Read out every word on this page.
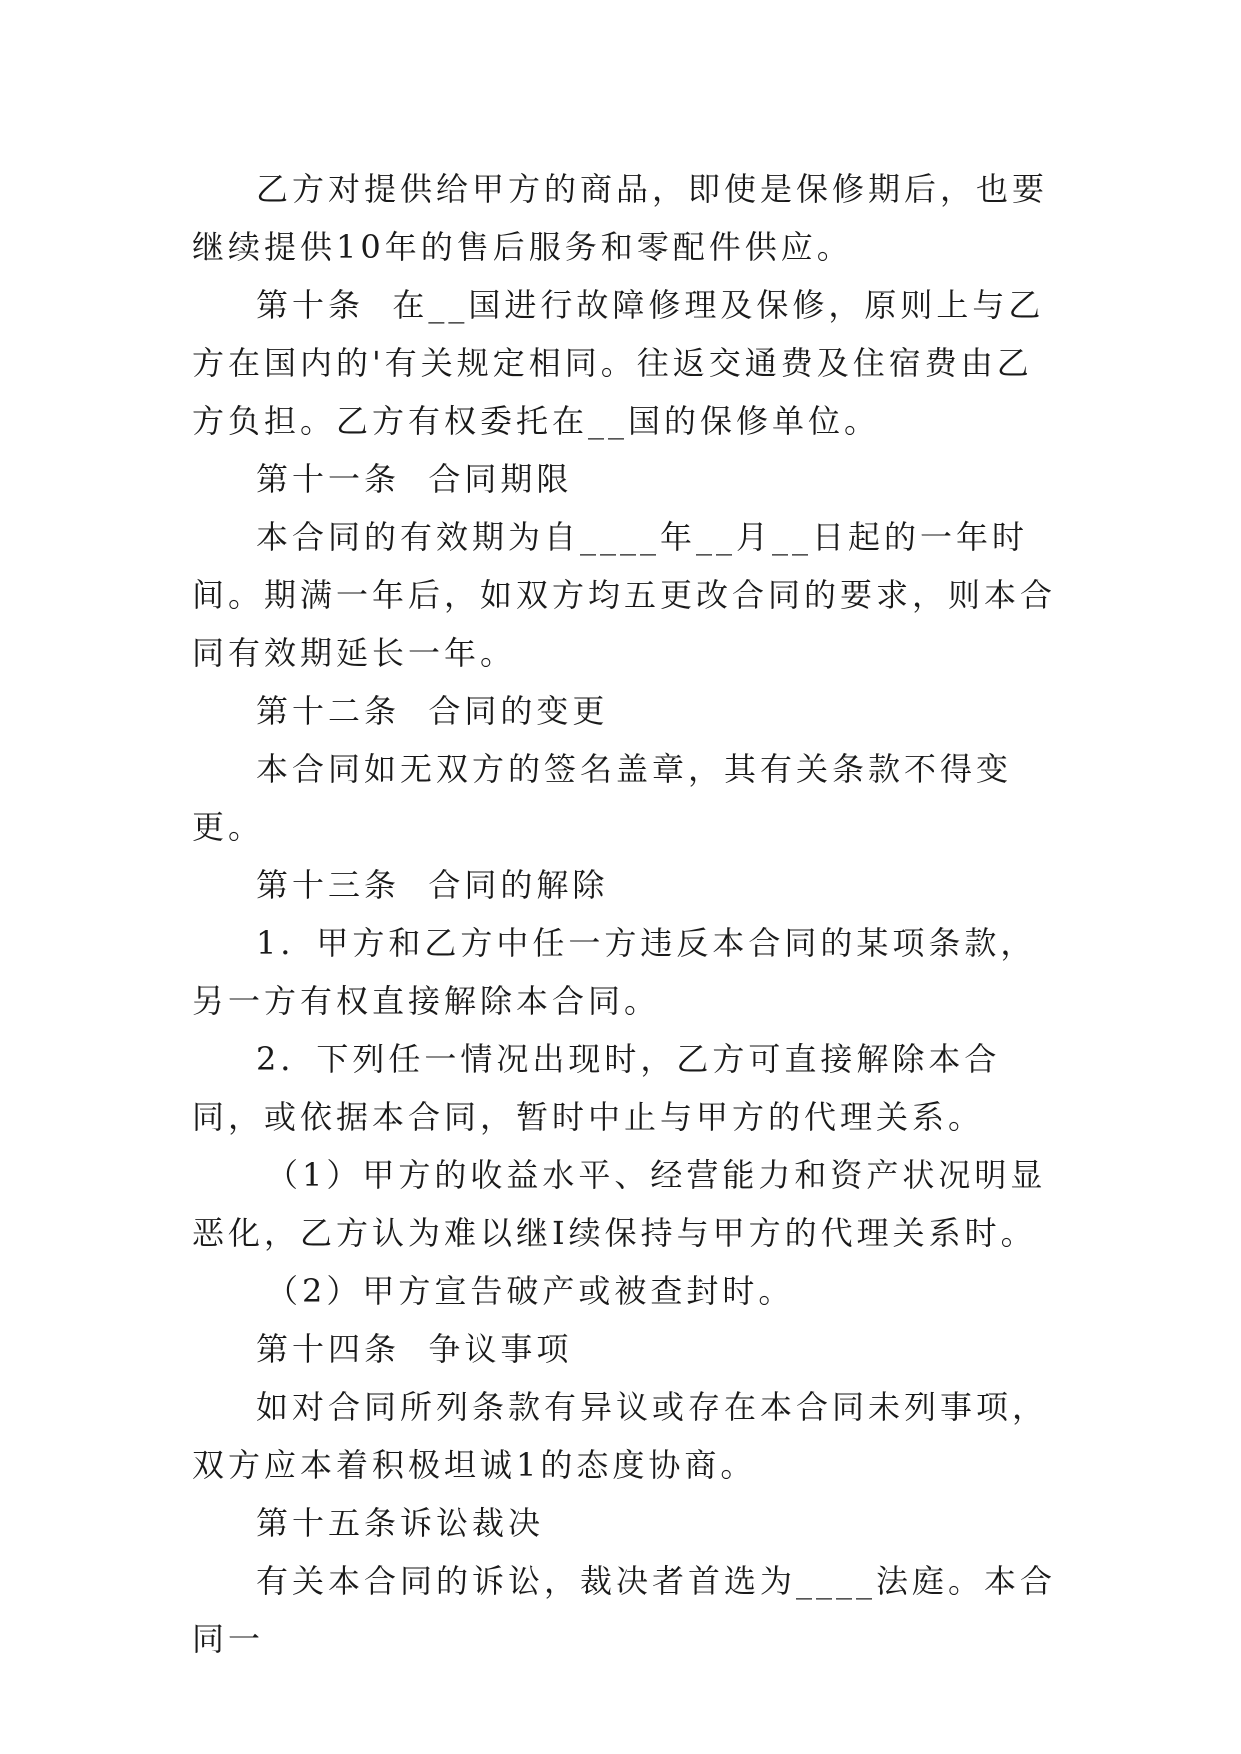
乙方对提供给甲方的商品，即使是保修期后，也要继续提供10年的售后服务和零配件供应。

第十条  在__国进行故障修理及保修，原则上与乙方在国内的'有关规定相同。往返交通费及住宿费由乙方负担。乙方有权委托在__国的保修单位。

第十一条  合同期限

本合同的有效期为自____年__月__日起的一年时间。期满一年后，如双方均五更改合同的要求，则本合同有效期延长一年。

第十二条  合同的变更

本合同如无双方的签名盖章，其有关条款不得变更。

第十三条  合同的解除

1．甲方和乙方中任一方违反本合同的某项条款，另一方有权直接解除本合同。

2．下列任一情况出现时，乙方可直接解除本合同，或依据本合同，暂时中止与甲方的代理关系。

（1）甲方的收益水平、经营能力和资产状况明显恶化，乙方认为难以继I续保持与甲方的代理关系时。

（2）甲方宣告破产或被查封时。

第十四条  争议事项

如对合同所列条款有异议或存在本合同未列事项，双方应本着积极坦诚1的态度协商。

第十五条诉讼裁决

有关本合同的诉讼，裁决者首选为____法庭。本合同一
